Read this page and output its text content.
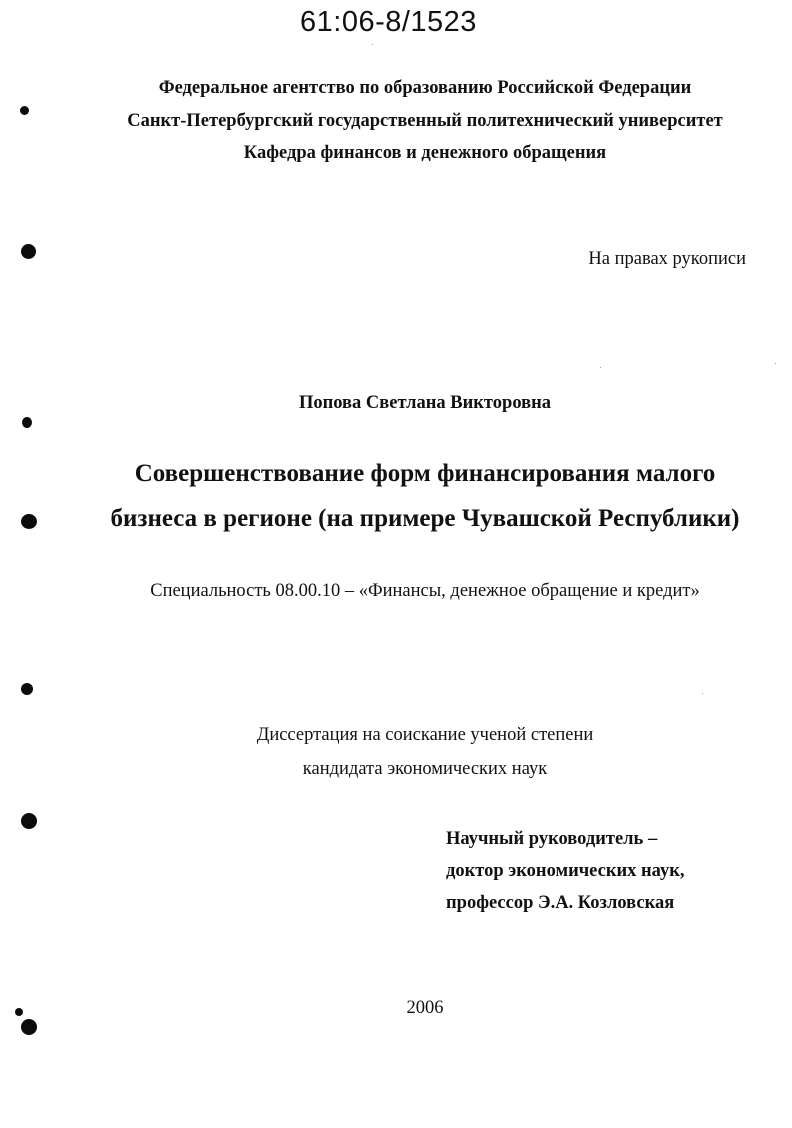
61:06-8/1523
Федеральное агентство по образованию Российской Федерации
Санкт-Петербургский государственный политехнический университет
Кафедра финансов и денежного обращения
На правах рукописи
Попова Светлана Викторовна
Совершенствование форм финансирования малого
бизнеса в регионе (на примере Чувашской Республики)
Специальность 08.00.10 – «Финансы, денежное обращение и кредит»
Диссертация на соискание ученой степени
кандидата экономических наук
Научный руководитель –
доктор экономических наук,
профессор Э.А. Козловская
2006
